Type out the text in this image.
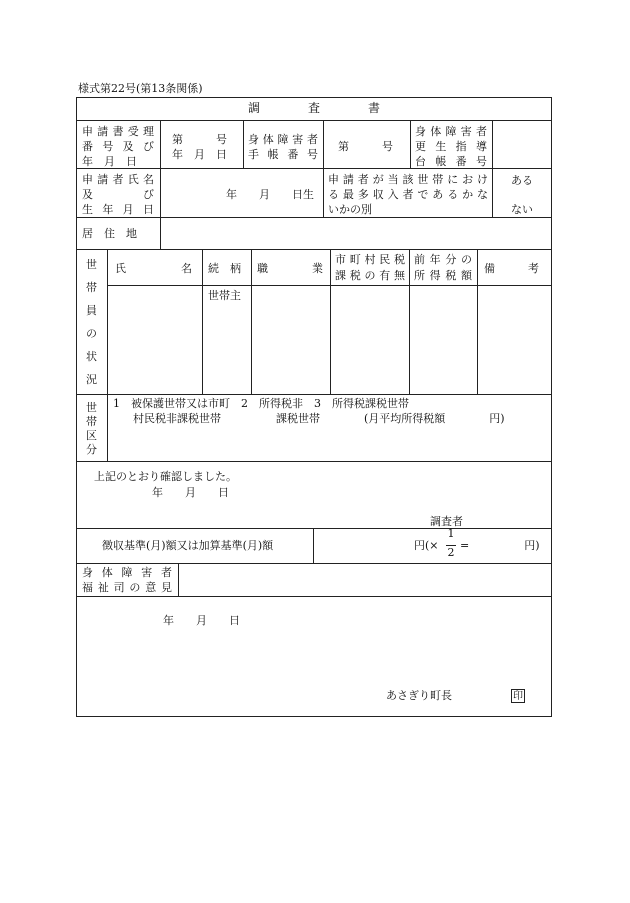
様式第22号(第13条関係)
調　　　　査　　　　書
申請書受理
番号及び
年　月　日
第　　　号
年　月　日
身体障害者
手帳番号
第　　　号
身体障害者
更生指導
台帳番号
申請者氏名
及　び
生年月日
年　　月　　日生
申請者が当該世帯におけ
る最多収入者であるかな
いかの別
ある
ない
居　住　地
世
帯
員
の
状
況
氏　　　　　名 続　柄 職　　　　業
市町村民税
課税の有無
前年分の
所得税額
備　　　考
世帯主
世
帯
区
分
1　被保護世帯又は市町　2　所得税非　3　所得税課税世帯
村民税非課税世帯　　　　　課税世帯　　　　(月平均所得税額　　　　円)
上記のとおり確認しました。
年　　月　　日
調査者
徴収基準(月)額又は加算基準(月)額	円(×
1
2
=　　　　　円)
身体障害者
福祉司の意見
年　　月　　日
あさぎり町長	印
